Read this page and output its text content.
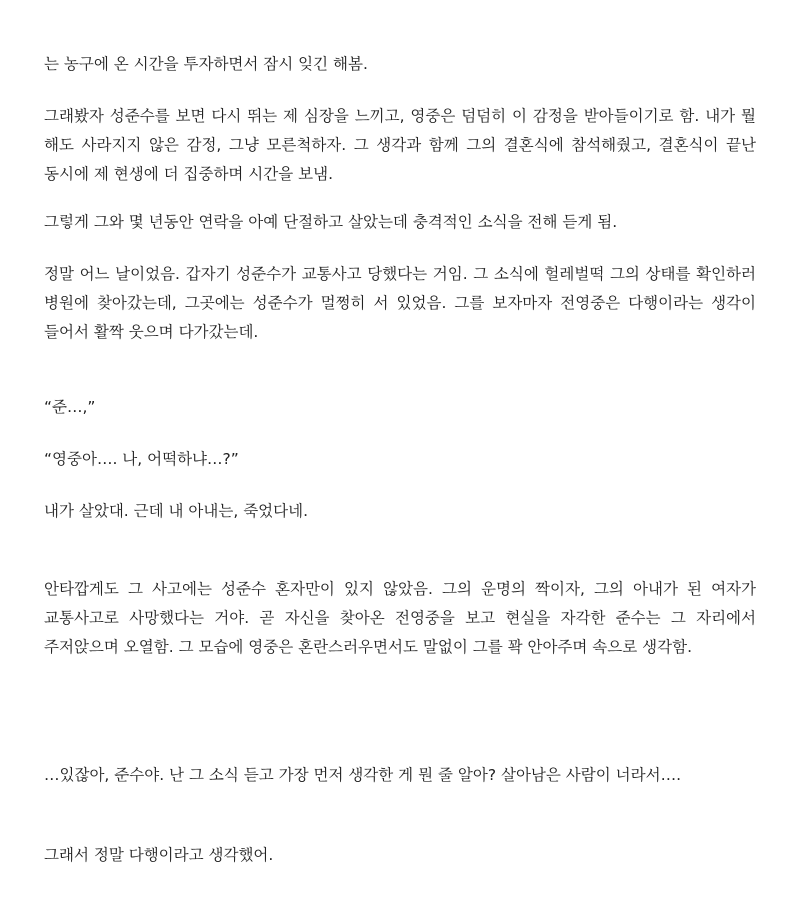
는 농구에 온 시간을 투자하면서 잠시 잊긴 해봄.

그래봤자 성준수를 보면 다시 뛰는 제 심장을 느끼고, 영중은 덤덤히 이 감정을 받아들이기로 함. 내가 뭘 해도 사라지지 않은 감정, 그냥 모른척하자. 그 생각과 함께 그의 결혼식에 참석해줬고, 결혼식이 끝난 동시에 제 현생에 더 집중하며 시간을 보냄.

그렇게 그와 몇 년동안 연락을 아예 단절하고 살았는데 충격적인 소식을 전해 듣게 됨.

정말 어느 날이었음. 갑자기 성준수가 교통사고 당했다는 거임. 그 소식에 헐레벌떡 그의 상태를 확인하러 병원에 찾아갔는데, 그곳에는 성준수가 멀쩡히 서 있었음. 그를 보자마자 전영중은 다행이라는 생각이 들어서 활짝 웃으며 다가갔는데.

“준…,”

“영중아…. 나, 어떡하냐…?”

내가 살았대. 근데 내 아내는, 죽었다네.

안타깝게도 그 사고에는 성준수 혼자만이 있지 않았음. 그의 운명의 짝이자, 그의 아내가 된 여자가 교통사고로 사망했다는 거야. 곧 자신을 찾아온 전영중을 보고 현실을 자각한 준수는 그 자리에서 주저앉으며 오열함. 그 모습에 영중은 혼란스러우면서도 말없이 그를 꽉 안아주며 속으로 생각함.

…있잖아, 준수야. 난 그 소식 듣고 가장 먼저 생각한 게 뭔 줄 알아? 살아남은 사람이 너라서….

그래서 정말 다행이라고 생각했어.
